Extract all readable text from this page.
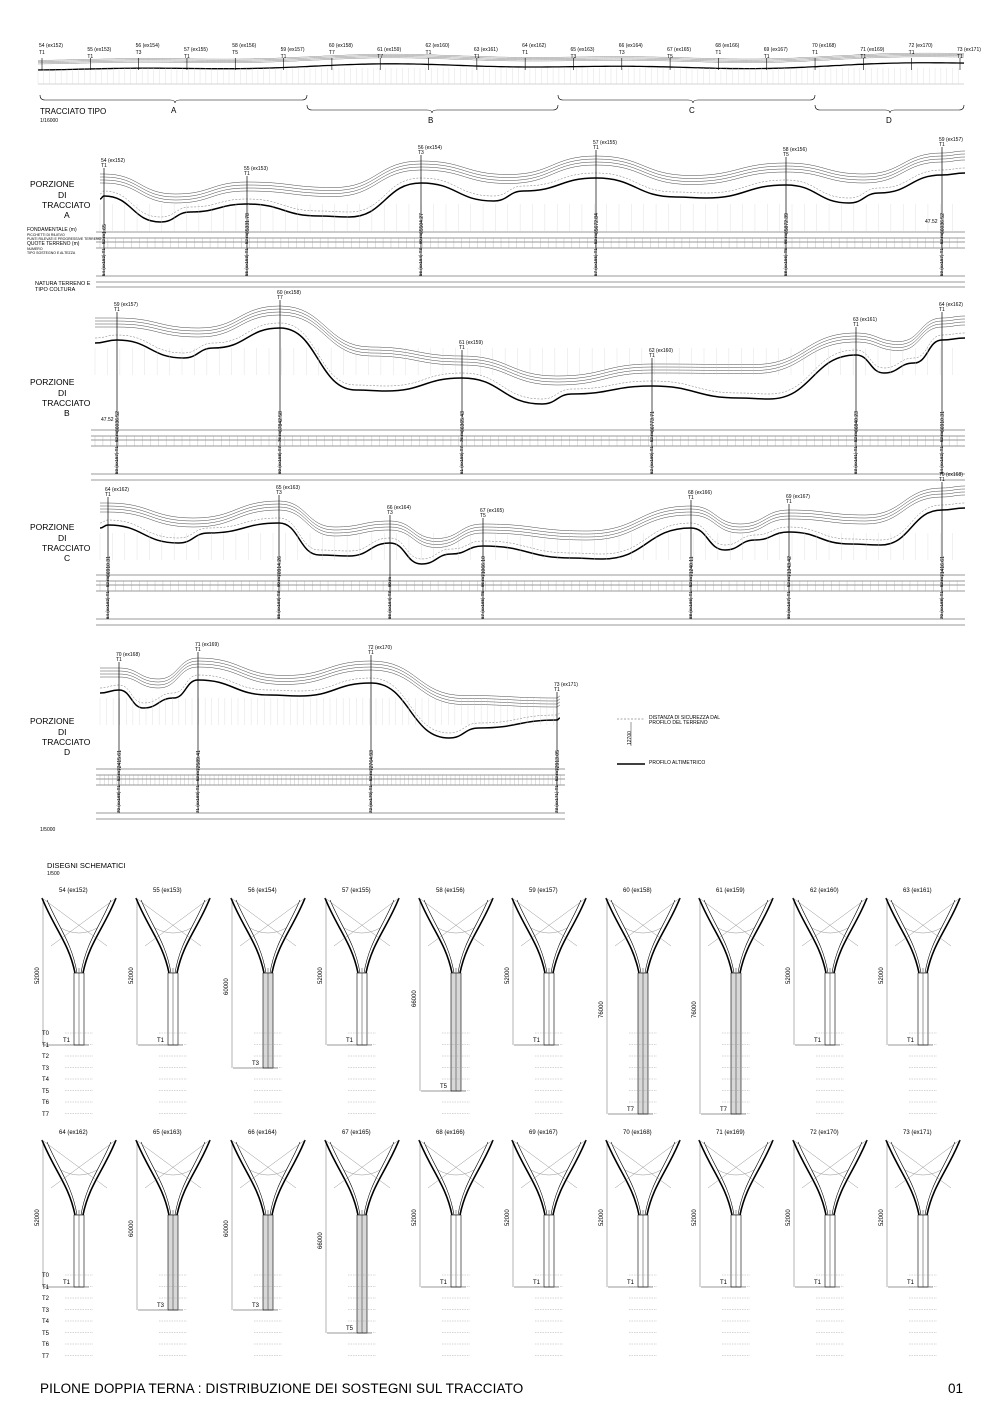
TRACCIATO TIPO
1/16000
1/5000
DISEGNI SCHEMATICI
1/500
PILONE DOPPIA TERNA : DISTRIBUZIONE DEI SOSTEGNI SUL TRACCIATO	01
DISTANZA DI SICUREZZA DAL PROFILO DEL TERRENO
PROFILO ALTIMETRICO
54 (ex152)
T1	55 (ex153)
T1
56 (ex154)
T3	57 (ex155)
T1
58 (ex156)
T5	59 (ex157)
T1
60 (ex158)
T7	61 (ex159)
T7
62 (ex160)
T1	63 (ex161)
T1
64 (ex162)
T1	65 (ex163)
T3
66 (ex164)
T3	67 (ex165)
T5
68 (ex166)
T1	69 (ex167)
T1
70 (ex168)
T1	71 (ex169)
T1
72 (ex170)
T1	73 (ex171)
T1
A
B
C
D
54 (ex152)
T1
1.65
54 (ex152) T1 - 52 m
55 (ex153)
T1
65331.78
55 (ex153) T1 - 52 m
56 (ex154)
T3
65504.27
56 (ex154) T3 - 60 m
57 (ex155)
T1
65672.84
57 (ex155) T1 - 52 m
58 (ex156)
T5
65872.39
58 (ex156) T5 - 66 m
59 (ex157)
T1
66036.52
59 (ex157) T1 - 52 m
PORZIONE
DI
TRACCIATO
A
FONDAMENTALE (m)
PICCHETTI DI RILIEVO
PUNTI RILEVATI E PROGRESSIVE TERRENO
QUOTE TERRENO (m)
NUMERO
TIPO SOSTEGNO E ALTEZZA
NATURA TERRENO E
TIPO COLTURA
47.52
59 (ex157)
T1
66036.52
59 (ex157) T1 - 52 m
60 (ex158)
T7
67842.58
60 (ex158) T7 - 76 m
61 (ex159)
T1
66365.43
61 (ex159) T7 - 76 m
62 (ex160)
T1
66773.71
62 (ex160) T1 - 52 m
63 (ex161)
T1
66840.23
63 (ex161) T1 - 52 m
64 (ex162)
T1
66910.31
64 (ex162) T1 - 52 m
PORZIONE
DI
TRACCIATO
B
47.52
64 (ex162)
T1
66910.31
64 (ex162) T1 - 52 m
65 (ex163)
T3
70914.26
65 (ex163) T3 - 60 m
66 (ex164)
T3
66 (ex164) T3 - 60 m
67 (ex165)
T5
71066.10
67 (ex165) T5 - 66 m
68 (ex166)
T1
71240.11
68 (ex166) T1 - 52 m
69 (ex167)
T1
71343.42
69 (ex167) T1 - 52 m
70 (ex168)
T1
71416.61
70 (ex168) T1 - 52 m
PORZIONE
DI
TRACCIATO
C
70 (ex168)
T1
72415.61
70 (ex168) T1 - 52 m
71 (ex169)
T1
72589.41
71 (ex169) T1 - 52 m
72 (ex170)
T1
72764.93
72 (ex170) T1 - 52 m
73 (ex171)
T1
72913.05
73 (ex171) T1 - 52 m
PORZIONE
DI
TRACCIATO
D
12700
T0
T1
T2
T3
T4
T5
T6
T7
54 (ex152)
T1
52000
55 (ex153)
T1
52000
56 (ex154)
T3
60000
57 (ex155)
T1
52000
58 (ex156)
T5
66000
59 (ex157)
T1
52000
60 (ex158)
T7
76000
61 (ex159)
T7
76000
62 (ex160)
T1
52000
63 (ex161)
T1
52000
T0
T1
T2
T3
T4
T5
T6
T7
64 (ex162)
T1
52000
65 (ex163)
T3
60000
66 (ex164)
T3
60000
67 (ex165)
T5
66000
68 (ex166)
T1
52000
69 (ex167)
T1
52000
70 (ex168)
T1
52000
71 (ex169)
T1
52000
72 (ex170)
T1
52000
73 (ex171)
T1
52000
